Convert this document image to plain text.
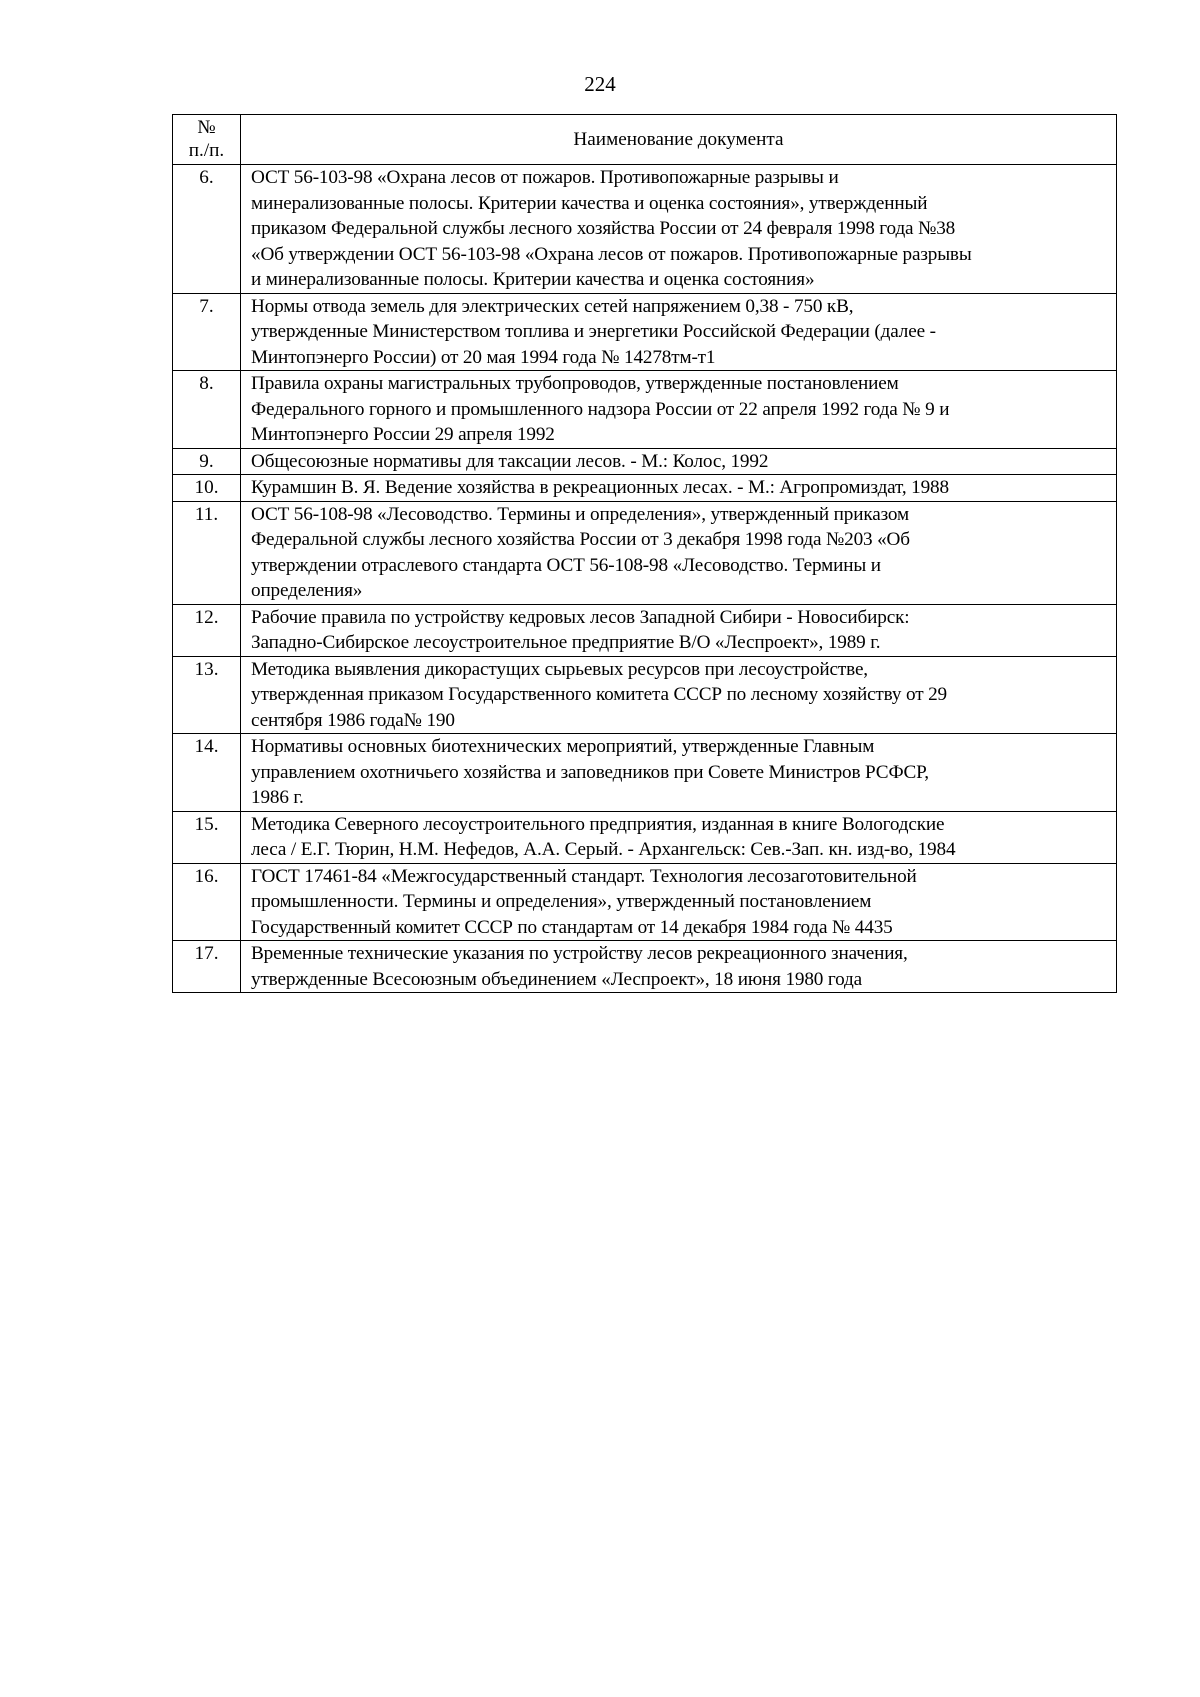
224
№
п./п.	Наименование документа
6.	ОСТ 56-103-98 «Охрана лесов от пожаров. Противопожарные разрывы и
минерализованные полосы. Критерии качества и оценка состояния», утвержденный
приказом Федеральной службы лесного хозяйства России от 24 февраля 1998 года №38
«Об утверждении ОСТ 56-103-98 «Охрана лесов от пожаров. Противопожарные разрывы
и минерализованные полосы. Критерии качества и оценка состояния»

7.	Нормы отвода земель для электрических сетей напряжением 0,38 - 750 кВ,
утвержденные Министерством топлива и энергетики Российской Федерации (далее -
Минтопэнерго России) от 20 мая 1994 года № 14278тм-т1

8.	Правила охраны магистральных трубопроводов, утвержденные постановлением
Федерального горного и промышленного надзора России от 22 апреля 1992 года № 9 и
Минтопэнерго России 29 апреля 1992

9.	Общесоюзные нормативы для таксации лесов. - М.: Колос, 1992

10.	Курамшин В. Я. Ведение хозяйства в рекреационных лесах. - М.: Агропромиздат, 1988

11.	ОСТ 56-108-98 «Лесоводство. Термины и определения», утвержденный приказом
Федеральной службы лесного хозяйства России от 3 декабря 1998 года №203 «Об
утверждении отраслевого стандарта ОСТ 56-108-98 «Лесоводство. Термины и
определения»

12.	Рабочие правила по устройству кедровых лесов Западной Сибири - Новосибирск:
Западно-Сибирское лесоустроительное предприятие В/О «Леспроект», 1989 г.

13.	Методика выявления дикорастущих сырьевых ресурсов при лесоустройстве,
утвержденная приказом Государственного комитета СССР по лесному хозяйству от 29
сентября 1986 года№ 190

14.	Нормативы основных биотехнических мероприятий, утвержденные Главным
управлением охотничьего хозяйства и заповедников при Совете Министров РСФСР,
1986 г.

15.	Методика Северного лесоустроительного предприятия, изданная в книге Вологодские
леса / Е.Г. Тюрин, Н.М. Нефедов, А.А. Серый. - Архангельск: Сев.-Зап. кн. изд-во, 1984

16.	ГОСТ 17461-84 «Межгосударственный стандарт. Технология лесозаготовительной
промышленности. Термины и определения», утвержденный постановлением
Государственный комитет СССР по стандартам от 14 декабря 1984 года № 4435

17.	Временные технические указания по устройству лесов рекреационного значения,
утвержденные Всесоюзным объединением «Леспроект», 18 июня 1980 года
